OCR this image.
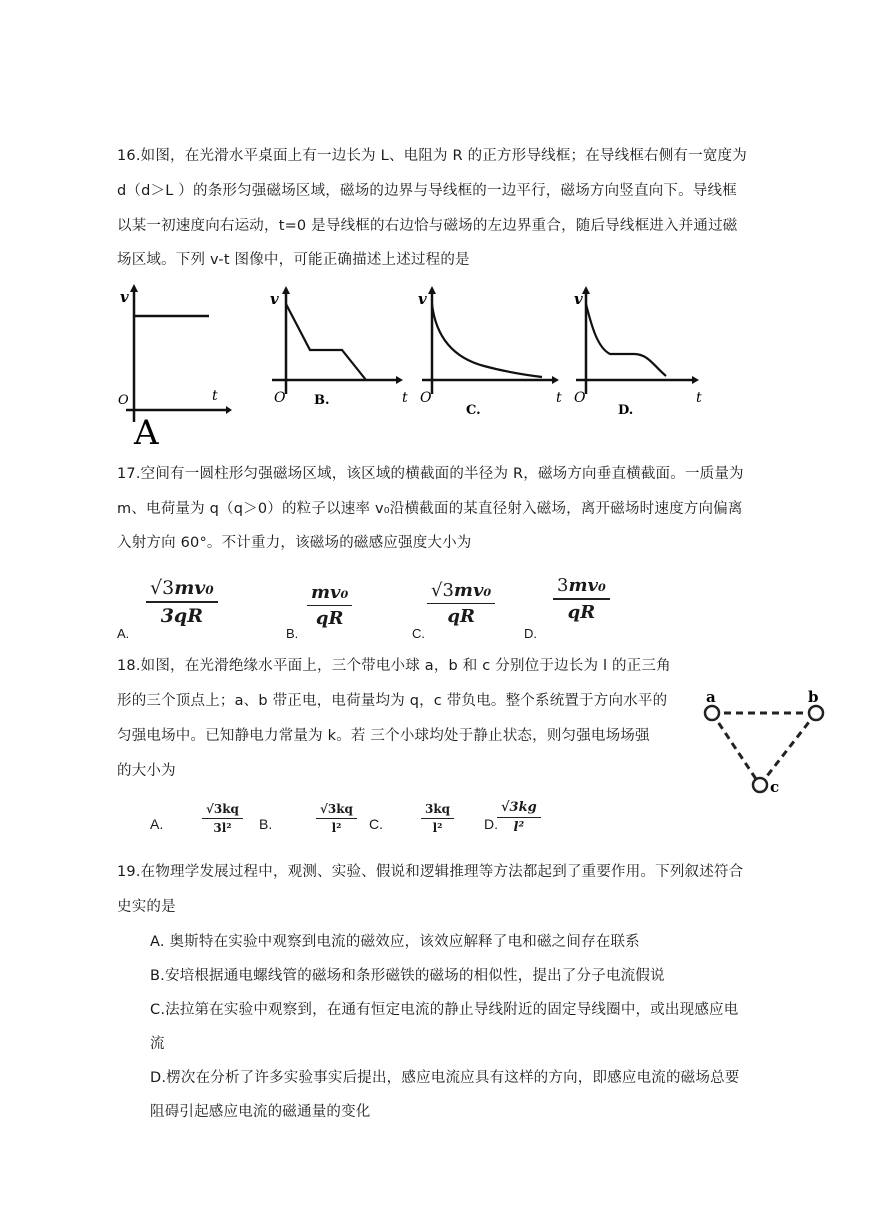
16.如图，在光滑水平桌面上有一边长为 L、电阻为 R 的正方形导线框；在导线框右侧有一宽度为
d（d＞L ）的条形匀强磁场区域，磁场的边界与导线框的一边平行，磁场方向竖直向下。导线框
以某一初速度向右运动，t=0 是导线框的右边恰与磁场的左边界重合，随后导线框进入并通过磁
场区域。下列 v-t 图像中，可能正确描述上述过程的是
v
t
O
A
v
t
O B.
v
t
O
C.
v
t
O
D.
17.空间有一圆柱形匀强磁场区域，该区域的横截面的半径为 R，磁场方向垂直横截面。一质量为
m、电荷量为 q（q＞0）的粒子以速率 v₀沿横截面的某直径射入磁场，离开磁场时速度方向偏离
入射方向 60°。不计重力，该磁场的磁感应强度大小为
A.
√3mv₀
3qR
B.
mv₀
qR
C.
√3mv₀
qR
D.
3mv₀
qR
18.如图，在光滑绝缘水平面上，三个带电小球 a，b 和 c 分别位于边长为 l 的正三角
形的三个顶点上；a、b 带正电，电荷量均为 q，c 带负电。整个系统置于方向水平的
匀强电场中。已知静电力常量为 k。若 三个小球均处于静止状态，则匀强电场场强
的大小为
a	b
c
A.
√3kq
3l² B.
√3kq
l² C.
3kq
l²	D.
√3kg
l²
19.在物理学发展过程中，观测、实验、假说和逻辑推理等方法都起到了重要作用。下列叙述符合
史实的是
A. 奥斯特在实验中观察到电流的磁效应，该效应解释了电和磁之间存在联系
B.安培根据通电螺线管的磁场和条形磁铁的磁场的相似性，提出了分子电流假说
C.法拉第在实验中观察到，在通有恒定电流的静止导线附近的固定导线圈中，或出现感应电
流
D.楞次在分析了许多实验事实后提出，感应电流应具有这样的方向，即感应电流的磁场总要
阻碍引起感应电流的磁通量的变化
